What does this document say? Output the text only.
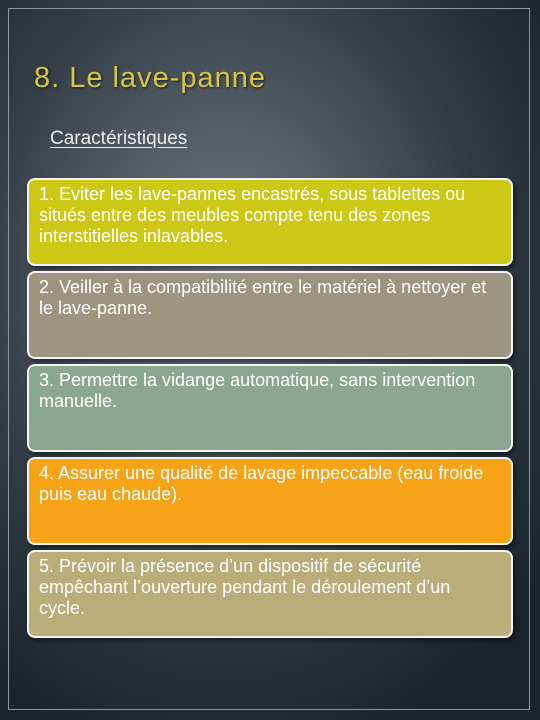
8. Le lave-panne
Caractéristiques
1. Eviter les lave-pannes encastrés, sous tablettes ou situés entre des meubles compte tenu des zones interstitielles inlavables.
2. Veiller à la compatibilité entre le matériel à nettoyer et le lave-panne.
3. Permettre la vidange automatique, sans intervention manuelle.
4. Assurer une qualité de lavage impeccable (eau froide puis eau chaude).
5. Prévoir la présence d’un dispositif de sécurité empêchant l’ouverture pendant le déroulement d’un cycle.
